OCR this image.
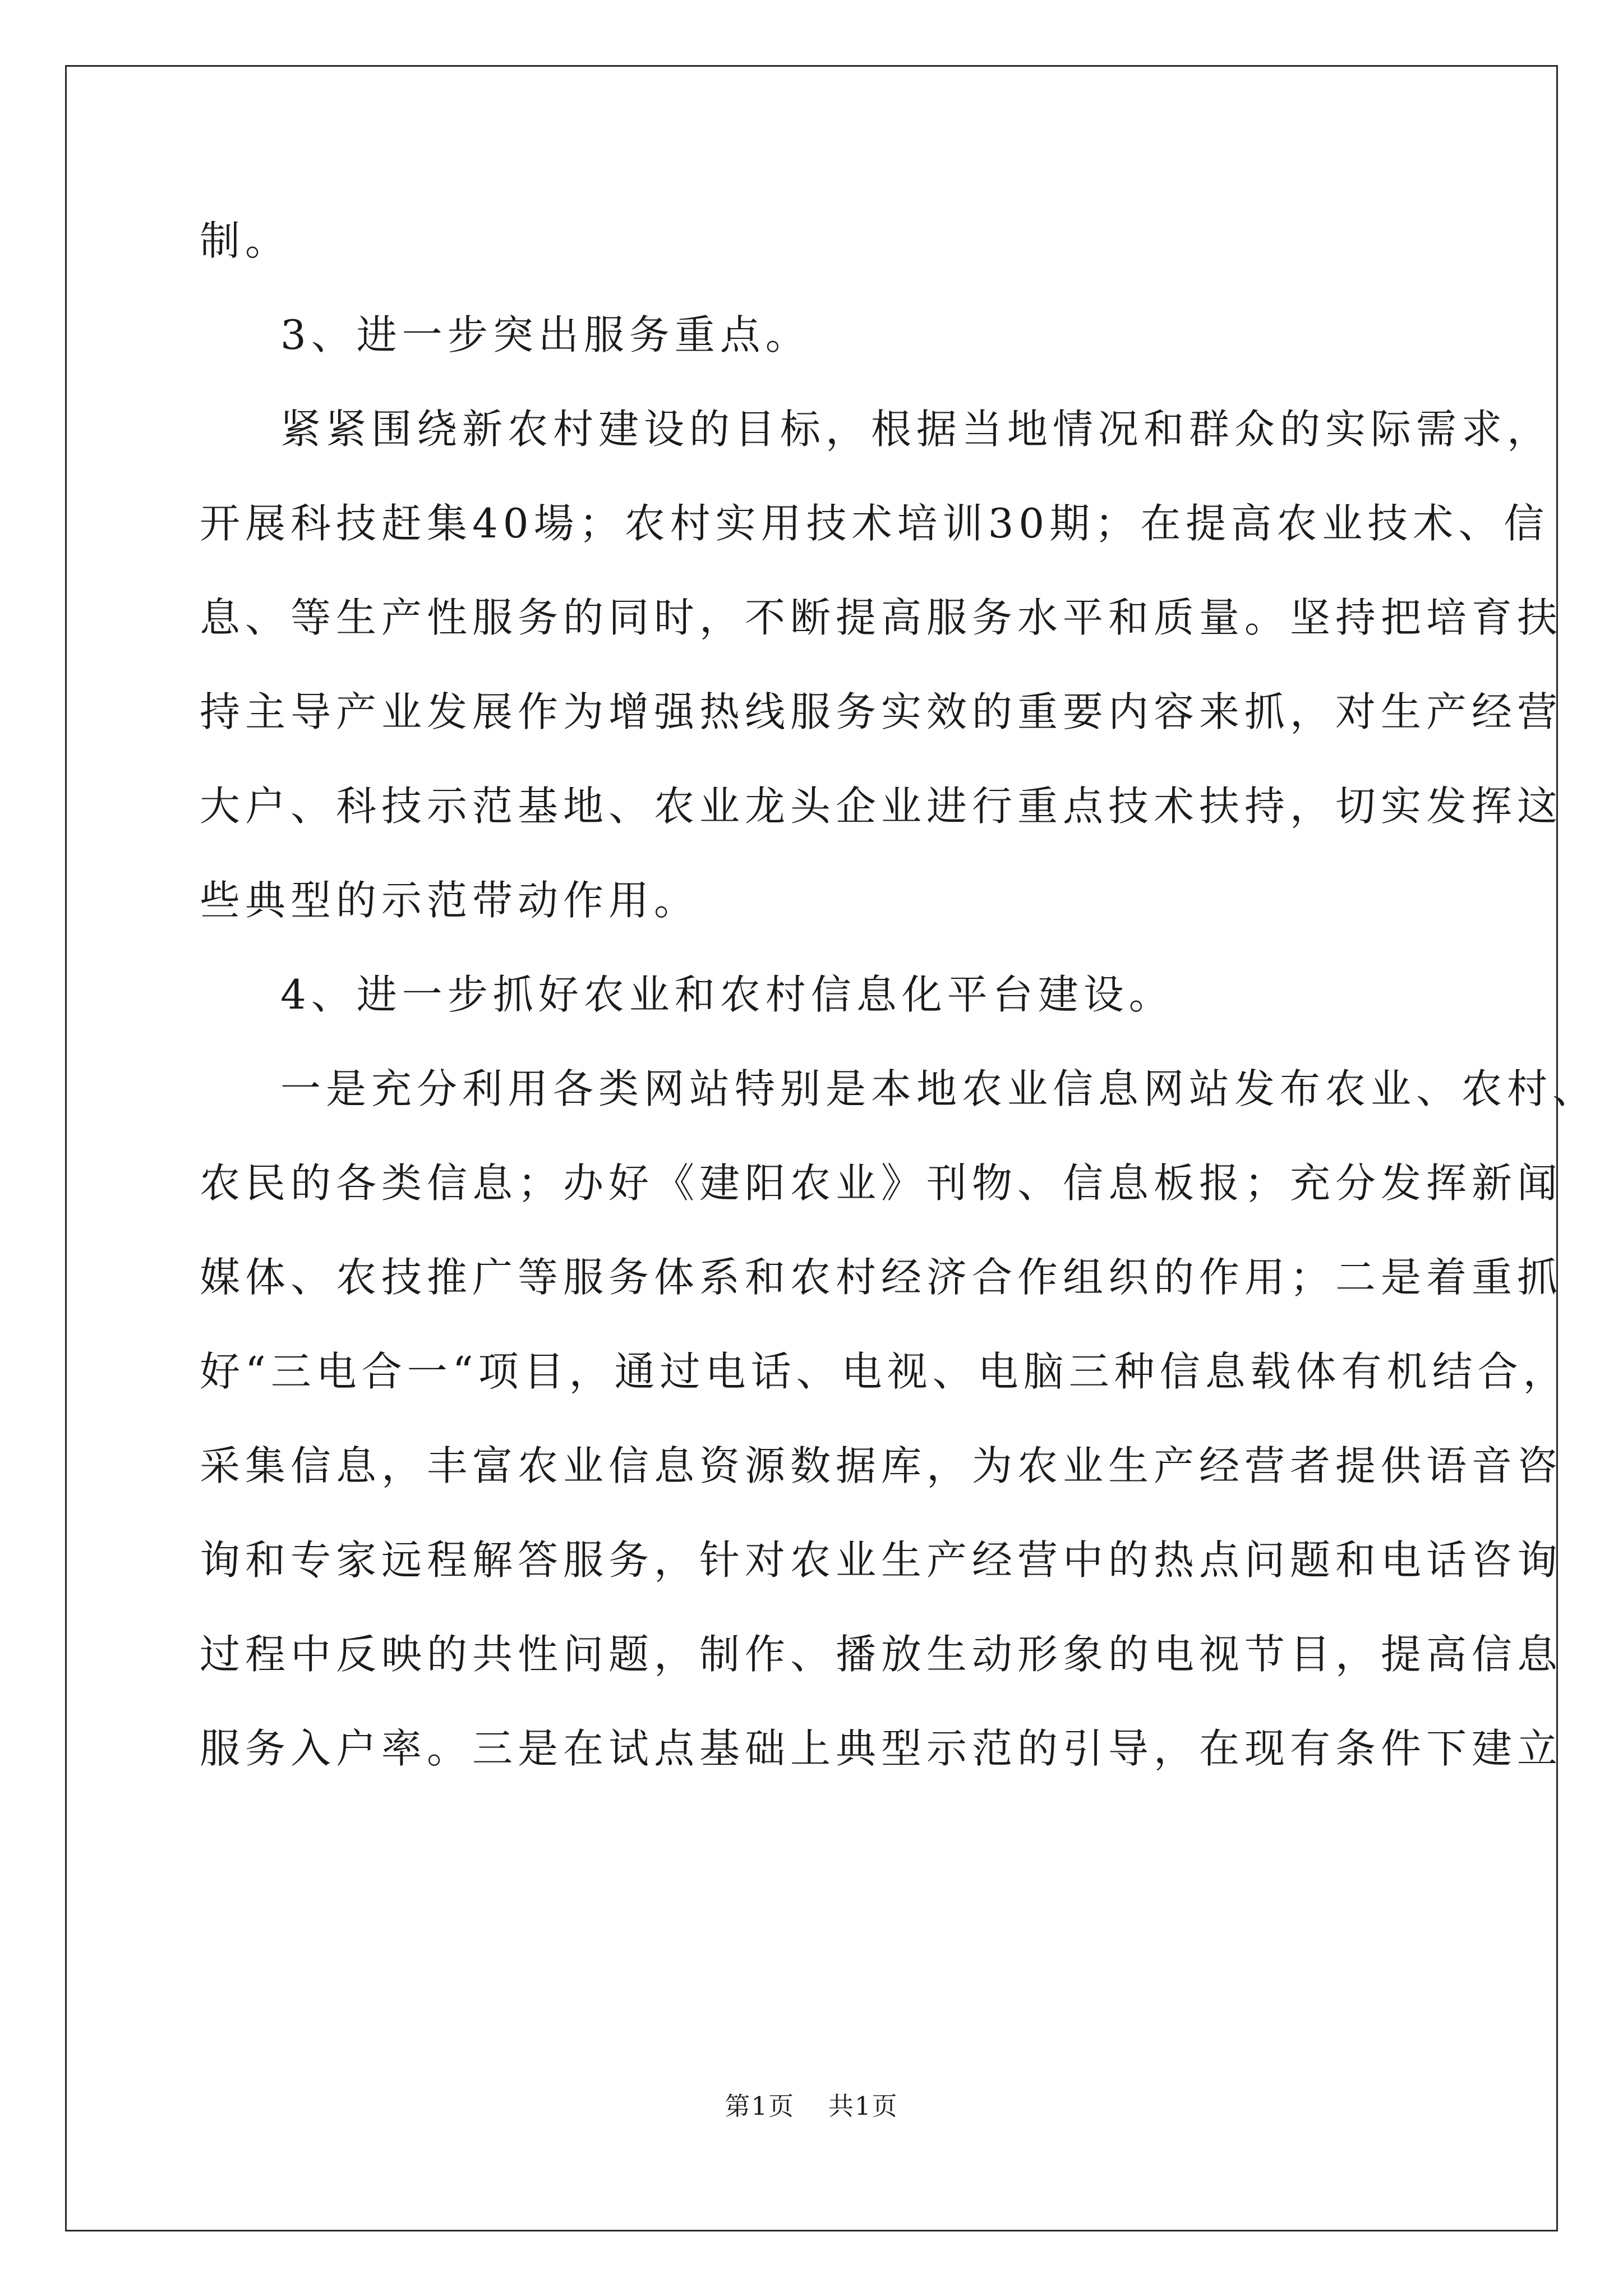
制。
3、进一步突出服务重点。
紧紧围绕新农村建设的目标，根据当地情况和群众的实际需求，
开展科技赶集40場；农村实用技术培训30期；在提高农业技术、信
息、等生产性服务的同时，不断提高服务水平和质量。坚持把培育扶
持主导产业发展作为增强热线服务实效的重要内容来抓，对生产经营
大户、科技示范基地、农业龙头企业进行重点技术扶持，切实发挥这
些典型的示范带动作用。
4、进一步抓好农业和农村信息化平台建设。
一是充分利用各类网站特别是本地农业信息网站发布农业、农村、
农民的各类信息；办好《建阳农业》刊物、信息板报；充分发挥新闻
媒体、农技推广等服务体系和农村经济合作组织的作用；二是着重抓
好“三电合一“项目，通过电话、电视、电脑三种信息载体有机结合，
采集信息，丰富农业信息资源数据库，为农业生产经营者提供语音咨
询和专家远程解答服务，针对农业生产经营中的热点问题和电话咨询
过程中反映的共性问题，制作、播放生动形象的电视节目，提高信息
服务入户率。三是在试点基础上典型示范的引导，在现有条件下建立
第1页 共1页
